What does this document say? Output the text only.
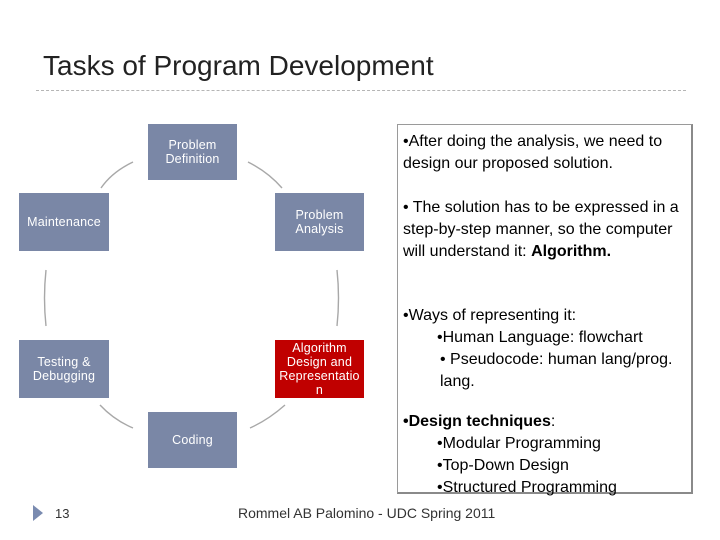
Tasks of Program Development
Problem Definition
Maintenance	Problem Analysis
Testing & Debugging
Algorithm Design and Representatio n
Coding
•After doing the analysis, we need to design our proposed solution.
• The solution has to be expressed in a step-by-step manner, so the computer will understand it: Algorithm.
•Ways of representing it:
•Human Language: flowchart
• Pseudocode: human lang/prog. lang.
•Design techniques:
•Modular Programming
•Top-Down Design
•Structured Programming
13	Rommel AB Palomino - UDC Spring 2011
